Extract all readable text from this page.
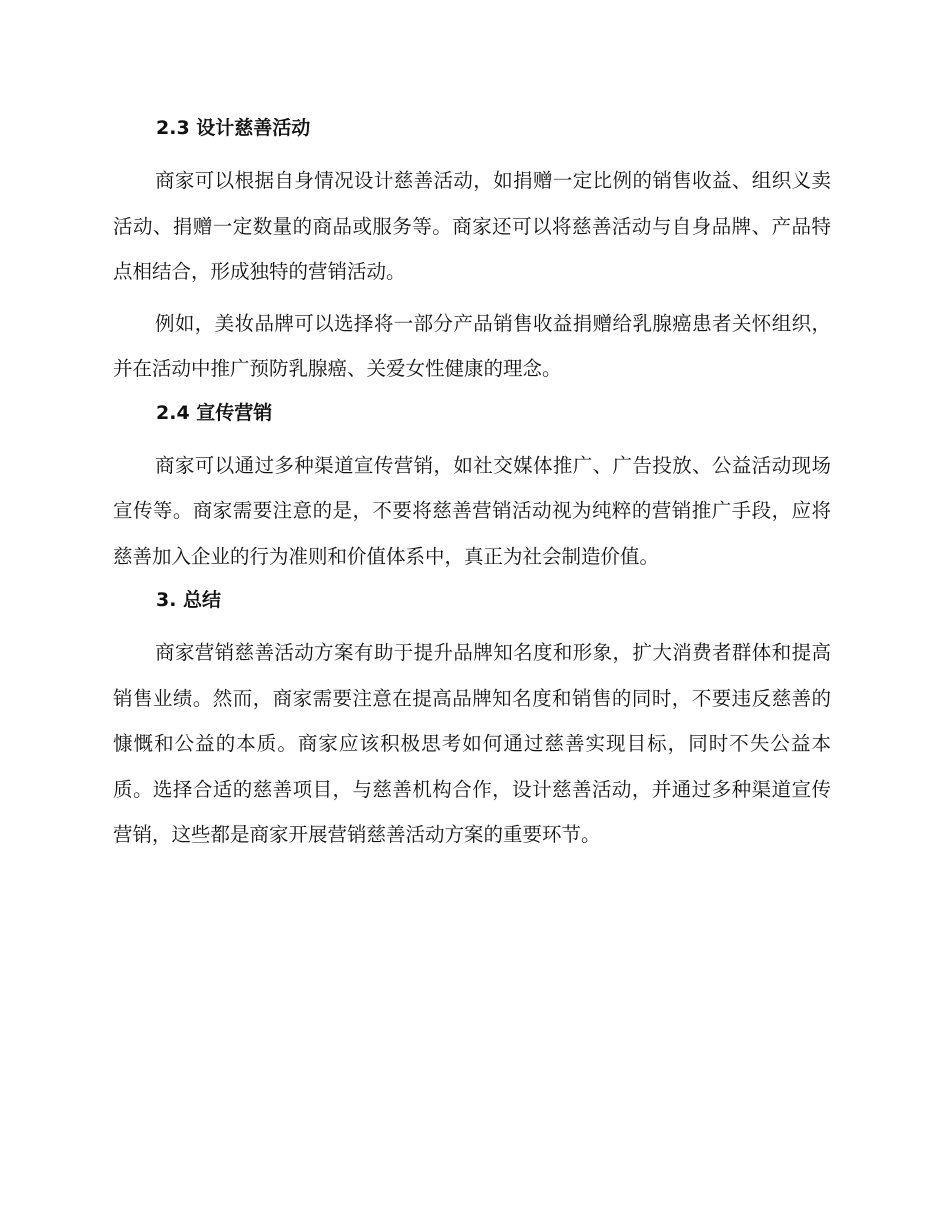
2.3 设计慈善活动

商家可以根据自身情况设计慈善活动，如捐赠一定比例的销售收益、组织义卖活动、捐赠一定数量的商品或服务等。商家还可以将慈善活动与自身品牌、产品特点相结合，形成独特的营销活动。

例如，美妆品牌可以选择将一部分产品销售收益捐赠给乳腺癌患者关怀组织，并在活动中推广预防乳腺癌、关爱女性健康的理念。

2.4 宣传营销

商家可以通过多种渠道宣传营销，如社交媒体推广、广告投放、公益活动现场宣传等。商家需要注意的是，不要将慈善营销活动视为纯粹的营销推广手段，应将慈善加入企业的行为准则和价值体系中，真正为社会制造价值。

3. 总结

商家营销慈善活动方案有助于提升品牌知名度和形象，扩大消费者群体和提高销售业绩。然而，商家需要注意在提高品牌知名度和销售的同时，不要违反慈善的慷慨和公益的本质。商家应该积极思考如何通过慈善实现目标，同时不失公益本质。选择合适的慈善项目，与慈善机构合作，设计慈善活动，并通过多种渠道宣传营销，这些都是商家开展营销慈善活动方案的重要环节。
